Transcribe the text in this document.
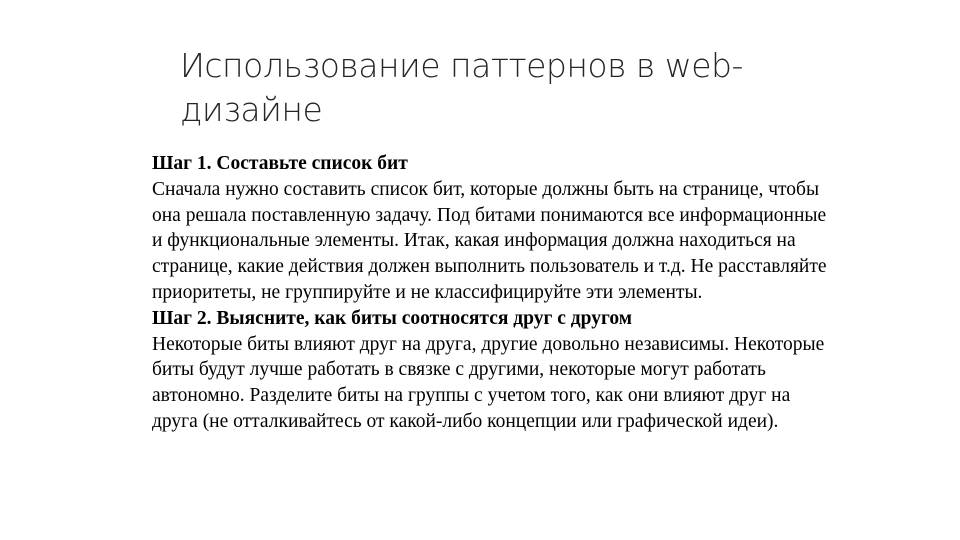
Использование паттернов в web-дизайне

Шаг 1. Составьте список бит

Сначала нужно составить список бит, которые должны быть на странице, чтобы она решала поставленную задачу. Под битами понимаются все информационные и функциональные элементы. Итак, какая информация должна находиться на странице, какие действия должен выполнить пользователь и т.д. Не расставляйте приоритеты, не группируйте и не классифицируйте эти элементы.

Шаг 2. Выясните, как биты соотносятся друг с другом

Некоторые биты влияют друг на друга, другие довольно независимы. Некоторые биты будут лучше работать в связке с другими, некоторые могут работать автономно. Разделите биты на группы с учетом того, как они влияют друг на друга (не отталкивайтесь от какой-либо концепции или графической идеи).
